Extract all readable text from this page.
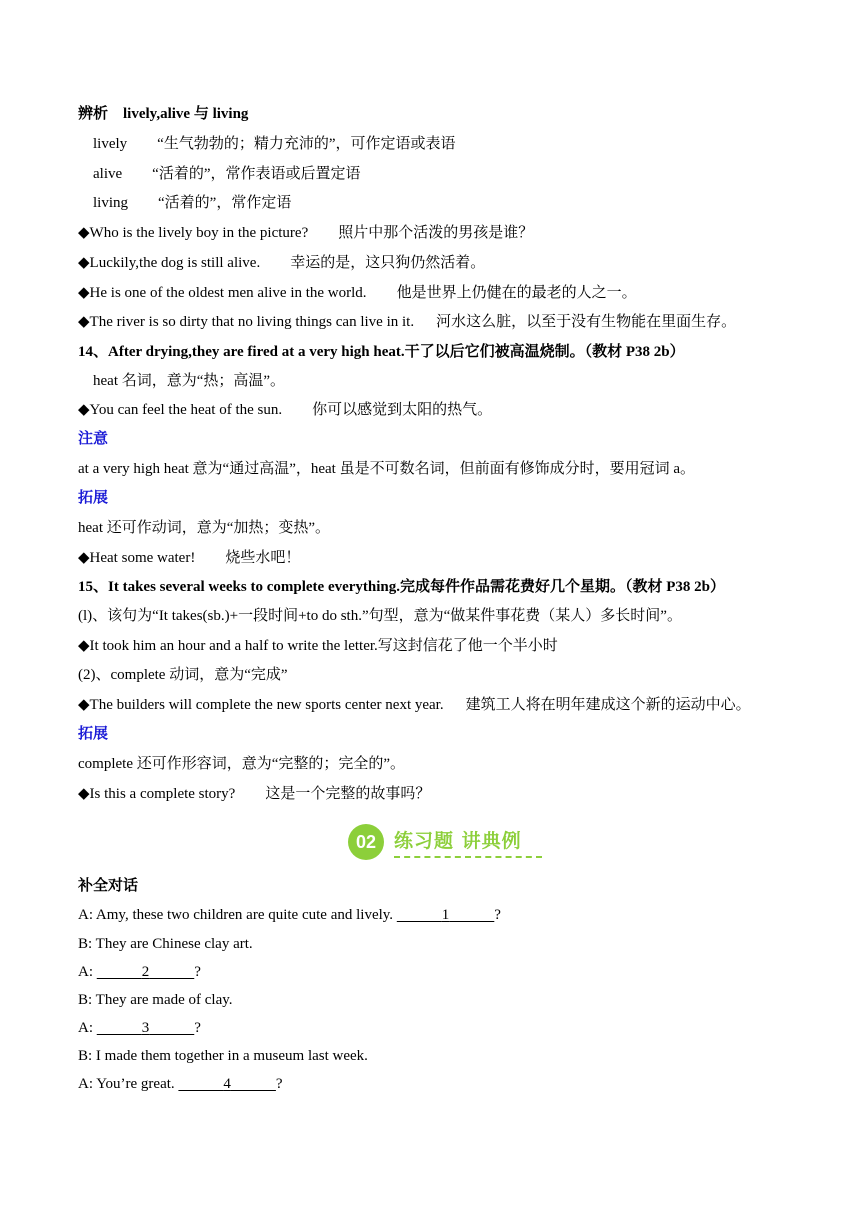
辨析　lively,alive 与 living
lively “生气勃勃的；精力充沛的”，可作定语或表语
alive “活着的”，常作表语或后置定语
living “活着的”，常作定语
◆Who is the lively boy in the picture? 照片中那个活泼的男孩是谁？
◆Luckily,the dog is still alive. 幸运的是，这只狗仍然活着。
◆He is one of the oldest men alive in the world. 他是世界上仍健在的最老的人之一。
◆The river is so dirty that no living things can live in it. 河水这么脏，以至于没有生物能在里面生存。
14、After drying,they are fired at a very high heat.干了以后它们被高温烧制。（教材 P38 2b）
heat 名词，意为“热；高温”。
◆You can feel the heat of the sun. 你可以感觉到太阳的热气。
注意
at a very high heat 意为“通过高温”，heat 虽是不可数名词，但前面有修饰成分时，要用冠词 a。
拓展
heat 还可作动词，意为“加热；变热”。
◆Heat some water! 烧些水吧！
15、It takes several weeks to complete everything.完成每件作品需花费好几个星期。（教材 P38 2b）
(l)、该句为“It takes(sb.)+一段时间+to do sth.”句型，意为“做某件事花费（某人）多长时间”。
◆It took him an hour and a half to write the letter.写这封信花了他一个半小时
(2)、complete 动词，意为“完成”
◆The builders will complete the new sports center next year. 建筑工人将在明年建成这个新的运动中心。
拓展
complete 还可作形容词，意为“完整的；完全的”。
◆Is this a complete story? 这是一个完整的故事吗？
02 练习题 讲典例
补全对话
A: Amy, these two children are quite cute and lively.	1	?
B: They are Chinese clay art.
A:	2	?
B: They are made of clay.
A:	3	?
B: I made them together in a museum last week.
A: You’re great.	4	?
